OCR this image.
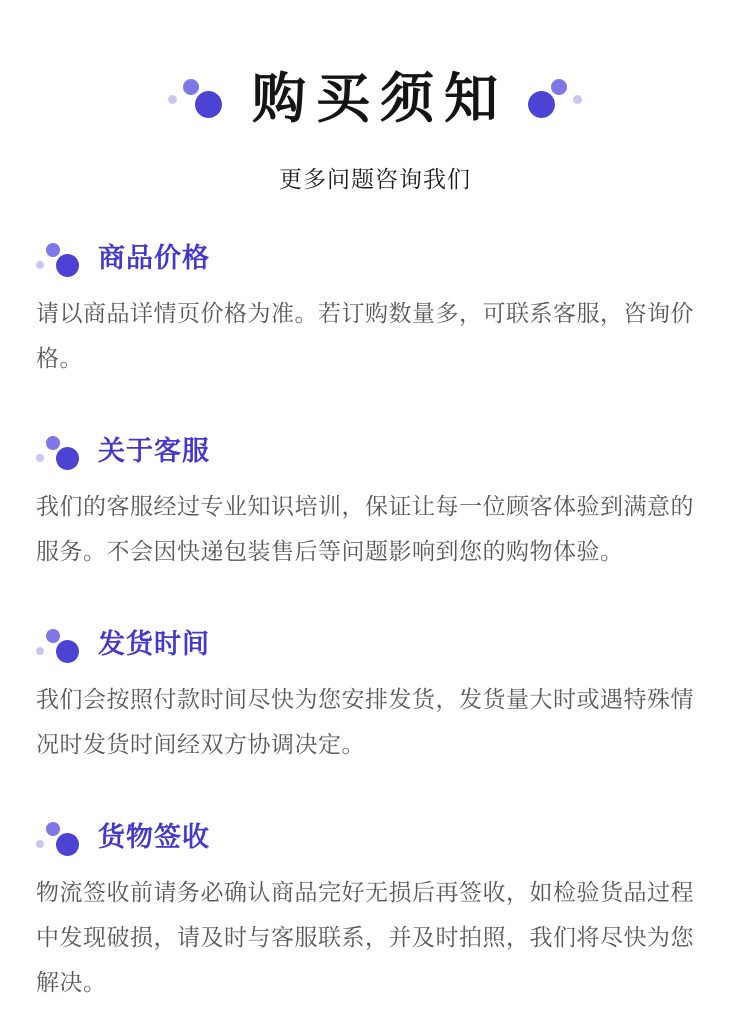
购买须知

更多问题咨询我们

商品价格

请以商品详情页价格为准。若订购数量多，可联系客服，咨询价格。

关于客服

我们的客服经过专业知识培训，保证让每一位顾客体验到满意的服务。不会因快递包装售后等问题影响到您的购物体验。

发货时间

我们会按照付款时间尽快为您安排发货，发货量大时或遇特殊情况时发货时间经双方协调决定。

货物签收

物流签收前请务必确认商品完好无损后再签收，如检验货品过程中发现破损，请及时与客服联系，并及时拍照，我们将尽快为您解决。
